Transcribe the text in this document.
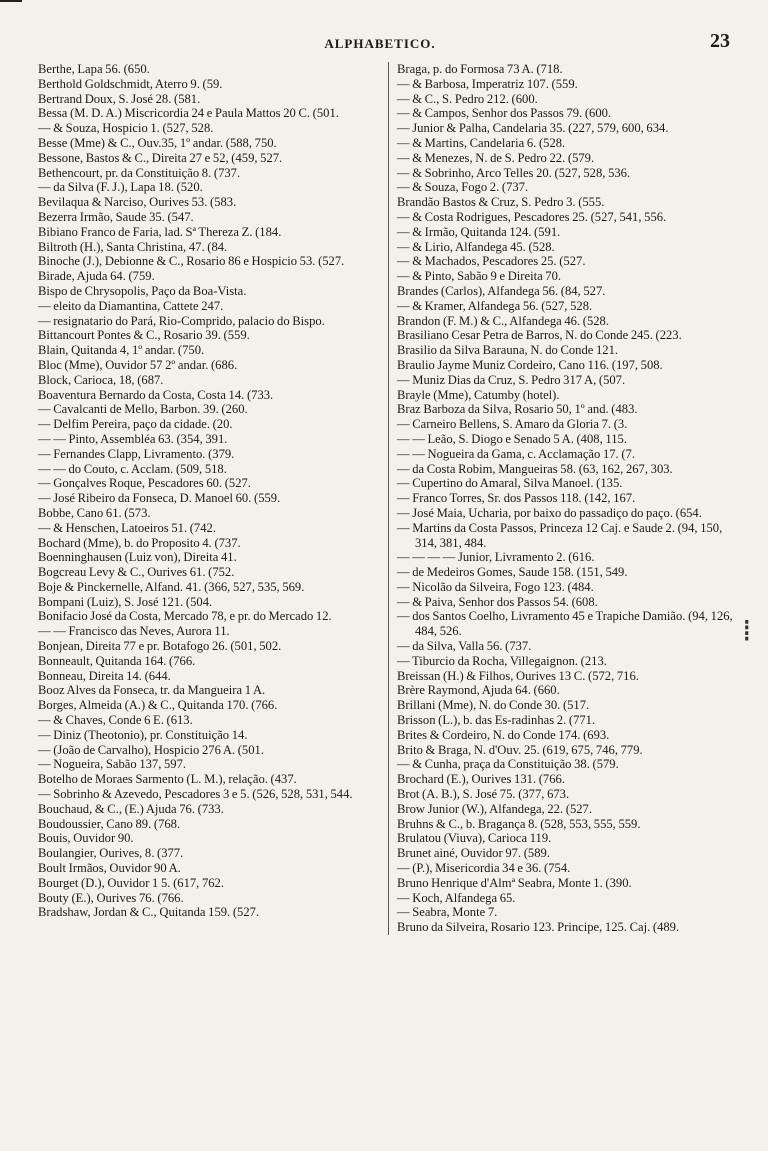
ALPHABETICO.	23
Berthe, Lapa 56. (650.
Berthold Goldschmidt, Aterro 9. (59.
Bertrand Doux, S. José 28. (581.
Bessa (M. D. A.) Miscricordia 24 e Paula Mattos 20 C. (501.
— & Souza, Hospicio 1. (527, 528.
Besse (Mme) & C., Ouv.35, 1º andar. (588, 750.
Bessone, Bastos & C., Direita 27 e 52, (459, 527.
Bethencourt, pr. da Constituição 8. (737.
— da Silva (F. J.), Lapa 18. (520.
Bevilaqua & Narciso, Ourives 53. (583.
Bezerra Irmão, Saude 35. (547.
Bibiano Franco de Faria, lad. Sª Thereza Z. (184.
Biltroth (H.), Santa Christina, 47. (84.
Binoche (J.), Debionne & C., Rosario 86 e Hospicio 53. (527.
Birade, Ajuda 64. (759.
Bispo de Chrysopolis, Paço da Boa-Vista.
— eleito da Diamantina, Cattete 247.
— resignatario do Pará, Rio-Comprido, palacio do Bispo.
Bittancourt Pontes & C., Rosario 39. (559.
Blain, Quitanda 4, 1º andar. (750.
Bloc (Mme), Ouvidor 57 2º andar. (686.
Block, Carioca, 18, (687.
Boaventura Bernardo da Costa, Costa 14. (733.
— Cavalcanti de Mello, Barbon. 39. (260.
— Delfim Pereira, paço da cidade. (20.
— — Pinto, Assembléa 63. (354, 391.
— Fernandes Clapp, Livramento. (379.
— — do Couto, c. Acclam. (509, 518.
— Gonçalves Roque, Pescadores 60. (527.
— José Ribeiro da Fonseca, D. Manoel 60. (559.
Bobbe, Cano 61. (573.
— & Henschen, Latoeiros 51. (742.
Bochard (Mme), b. do Proposito 4. (737.
Boenninghausen (Luiz von), Direita 41.
Bogcreau Levy & C., Ourives 61. (752.
Boje & Pinckernelle, Alfand. 41. (366, 527, 535, 569.
Bompani (Luiz), S. José 121. (504.
Bonifacio José da Costa, Mercado 78, e pr. do Mercado 12.
— — Francisco das Neves, Aurora 11.
Bonjean, Direita 77 e pr. Botafogo 26. (501, 502.
Bonneault, Quitanda 164. (766.
Bonneau, Direita 14. (644.
Booz Alves da Fonseca, tr. da Mangueira 1 A.
Borges, Almeida (A.) & C., Quitanda 170. (766.
— & Chaves, Conde 6 E. (613.
— Diniz (Theotonio), pr. Constituição 14.
— (João de Carvalho), Hospicio 276 A. (501.
— Nogueira, Sabão 137, 597.
Botelho de Moraes Sarmento (L. M.), relação. (437.
— Sobrinho & Azevedo, Pescadores 3 e 5. (526, 528, 531, 544.
Bouchaud, & C., (E.) Ajuda 76. (733.
Boudoussier, Cano 89. (768.
Bouis, Ouvidor 90.
Boulangier, Ourives, 8. (377.
Boult Irmãos, Ouvidor 90 A.
Bourget (D.), Ouvidor 1 5. (617, 762.
Bouty (E.), Ourives 76. (766.
Bradshaw, Jordan & C., Quitanda 159. (527.
Braga, p. do Formosa 73 A. (718.
— & Barbosa, Imperatriz 107. (559.
— & C., S. Pedro 212. (600.
— & Campos, Senhor dos Passos 79. (600.
— Junior & Palha, Candelaria 35. (227, 579, 600, 634.
— & Martins, Candelaria 6. (528.
— & Menezes, N. de S. Pedro 22. (579.
— & Sobrinho, Arco Telles 20. (527, 528, 536.
— & Souza, Fogo 2. (737.
Brandão Bastos & Cruz, S. Pedro 3. (555.
— & Costa Rodrigues, Pescadores 25. (527, 541, 556.
— & Irmão, Quitanda 124. (591.
— & Lirio, Alfandega 45. (528.
— & Machados, Pescadores 25. (527.
— & Pinto, Sabão 9 e Direita 70.
Brandes (Carlos), Alfandega 56. (84, 527.
— & Kramer, Alfandega 56. (527, 528.
Brandon (F. M.) & C., Alfandega 46. (528.
Brasiliano Cesar Petra de Barros, N. do Conde 245. (223.
Brasilio da Silva Barauna, N. do Conde 121.
Braulio Jayme Muniz Cordeiro, Cano 116. (197, 508.
— Muniz Dias da Cruz, S. Pedro 317 A, (507.
Brayle (Mme), Catumby (hotel).
Braz Barboza da Silva, Rosario 50, 1º and. (483.
— Carneiro Bellens, S. Amaro da Gloria 7. (3.
— — Leão, S. Diogo e Senado 5 A. (408, 115.
— — Nogueira da Gama, c. Acclamação 17. (7.
— da Costa Robim, Mangueiras 58. (63, 162, 267, 303.
— Cupertino do Amaral, Silva Manoel. (135.
— Franco Torres, Sr. dos Passos 118. (142, 167.
— José Maia, Ucharia, por baixo do passadiço do paço. (654.
— Martins da Costa Passos, Princeza 12 Caj. e Saude 2. (94, 150, 314, 381, 484.
— — — — Junior, Livramento 2. (616.
— de Medeiros Gomes, Saude 158. (151, 549.
— Nicolão da Silveira, Fogo 123. (484.
— & Paiva, Senhor dos Passos 54. (608.
— dos Santos Coelho, Livramento 45 e Trapiche Damião. (94, 126, 484, 526.
— da Silva, Valla 56. (737.
— Tiburcio da Rocha, Villegaignon. (213.
Breissan (H.) & Filhos, Ourives 13 C. (572, 716.
Brère Raymond, Ajuda 64. (660.
Brillani (Mme), N. do Conde 30. (517.
Brisson (L.), b. das Es-radinhas 2. (771.
Brites & Cordeiro, N. do Conde 174. (693.
Brito & Braga, N. d'Ouv. 25. (619, 675, 746, 779.
— & Cunha, praça da Constituição 38. (579.
Brochard (E.), Ourives 131. (766.
Brot (A. B.), S. José 75. (377, 673.
Brow Junior (W.), Alfandega, 22. (527.
Bruhns & C., b. Bragança 8. (528, 553, 555, 559.
Brulatou (Viuva), Carioca 119.
Brunet ainé, Ouvidor 97. (589.
— (P.), Misericordia 34 e 36. (754.
Bruno Henrique d'Almª Seabra, Monte 1. (390.
— Koch, Alfandega 65.
— Seabra, Monte 7.
Bruno da Silveira, Rosario 123. Principe, 125. Caj. (489.
⁞
